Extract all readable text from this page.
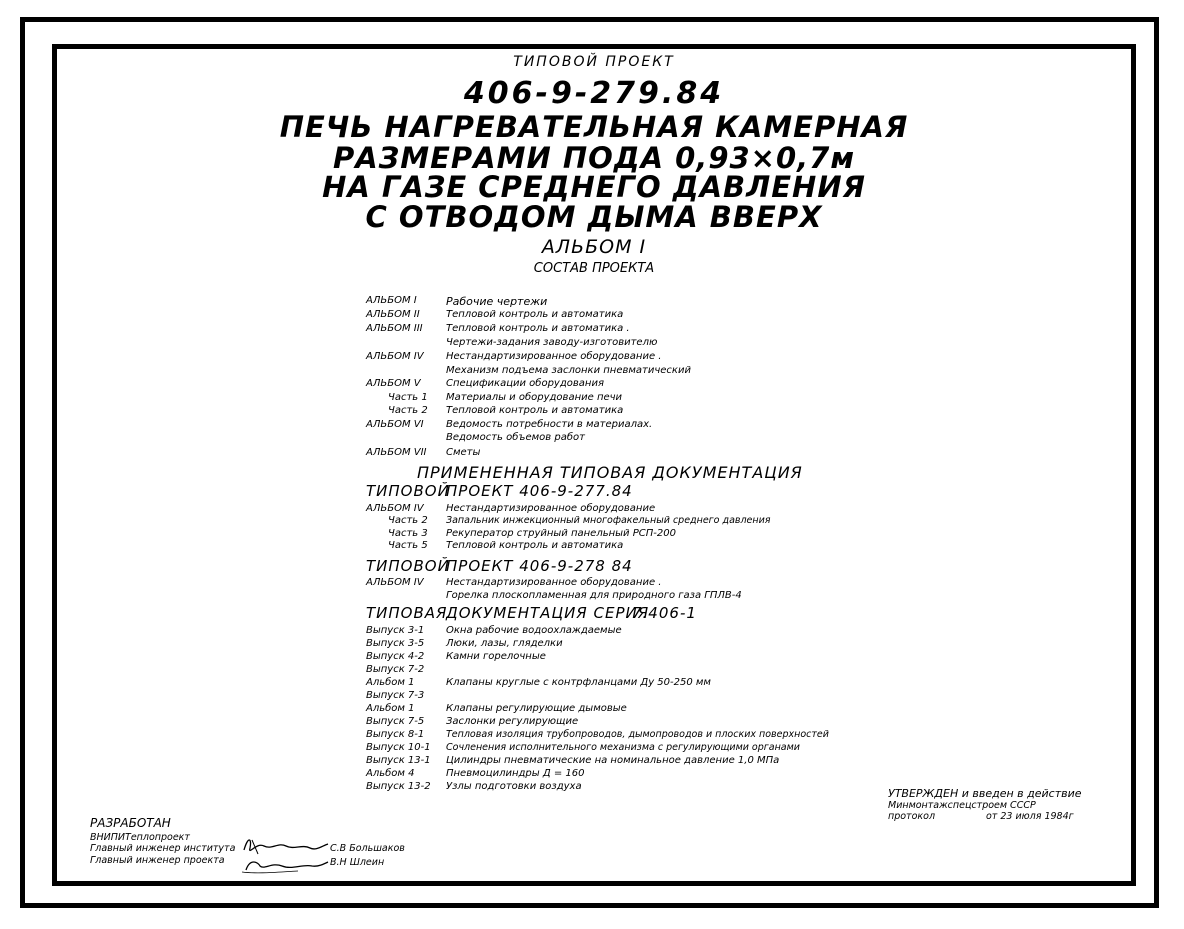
ТИПОВОЙ ПРОЕКТ
406-9-279.84
ПЕЧЬ НАГРЕВАТЕЛЬНАЯ КАМЕРНАЯ
РАЗМЕРАМИ ПОДА 0,93×0,7м
НА ГАЗЕ СРЕДНЕГО ДАВЛЕНИЯ
С ОТВОДОМ ДЫМА ВВЕРХ
АЛЬБОМ I
СОСТАВ ПРОЕКТА
АЛЬБОМ I	Рабочие чертежи
АЛЬБОМ II	Тепловой контроль и автоматика
АЛЬБОМ III Тепловой контроль и автоматика .
Чертежи-задания заводу-изготовителю
АЛЬБОМ IV Нестандартизированное оборудование .
Механизм подъема заслонки пневматический
АЛЬБОМ V	Спецификации оборудования
Часть 1 Материалы и оборудование печи
Часть 2 Тепловой контроль и автоматика
АЛЬБОМ VI Ведомость потребности в материалах.
Ведомость объемов работ
АЛЬБОМ VII Сметы
ПРИМЕНЕННАЯ ТИПОВАЯ ДОКУМЕНТАЦИЯ
ТИПОВОЙ
ПРОЕКТ 406-9-277.84
АЛЬБОМ IV Нестандартизированное оборудование
Часть 2 Запальник инжекционный многофакельный среднего давления
Часть 3 Рекуператор струйный панельный РСП-200
Часть 5 Тепловой контроль и автоматика
ТИПОВОЙ
ПРОЕКТ 406-9-278 84
АЛЬБОМ IV Нестандартизированное оборудование .
Горелка плоскопламенная для природного газа ГПЛВ-4
ТИПОВАЯ
ДОКУМЕНТАЦИЯ СЕРИЯ
7.406-1
Выпуск 3-1 Окна рабочие водоохлаждаемые
Выпуск 3-5 Люки, лазы, гляделки
Выпуск 4-2 Камни горелочные
Выпуск 7-2
Альбом 1	Клапаны круглые с контрфланцами Ду 50-250 мм
Выпуск 7-3
Альбом 1	Клапаны регулирующие дымовые
Выпуск 7-5 Заслонки регулирующие
Выпуск 8-1 Тепловая изоляция трубопроводов, дымопроводов и плоских поверхностей
Выпуск 10-1 Сочленения исполнительного механизма с регулирующими органами
Выпуск 13-1 Цилиндры пневматические на номинальное давление 1,0 МПа
Альбом 4	Пневмоцилиндры Д = 160
Выпуск 13-2 Узлы подготовки воздуха
УТВЕРЖДЕН и введен в действие
Минмонтажспецстроем СССР
протокол	от 23 июля 1984г
РАЗРАБОТАН
ВНИПИТеплопроект
Главный инженер института
Главный инженер проекта
С.В Большаков
В.Н Шлеин
